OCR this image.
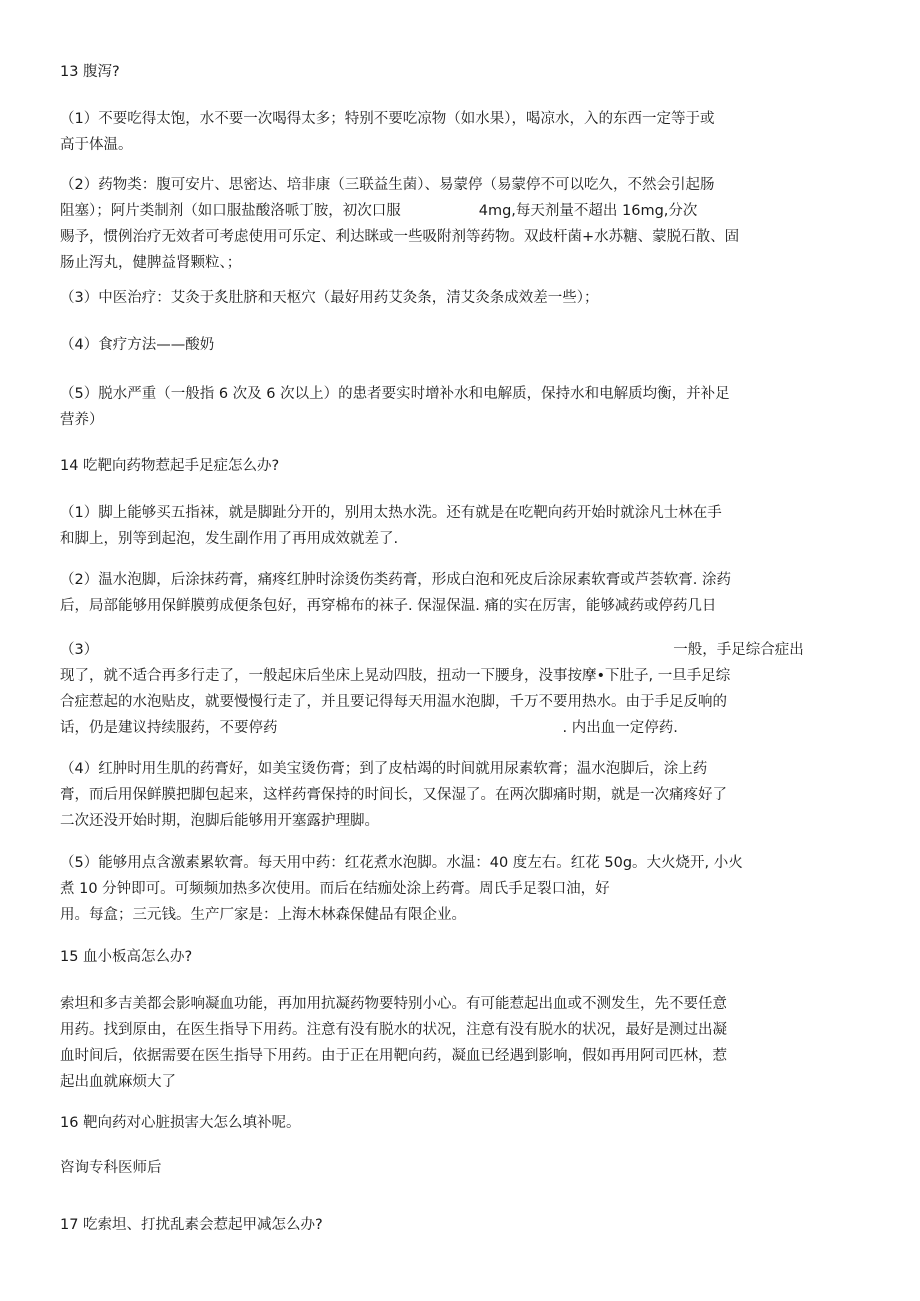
13 腹泻?
（1）不要吃得太饱，水不要一次喝得太多；特别不要吃凉物（如水果），喝凉水，入的东西一定等于或
高于体温。
（2）药物类：腹可安片、思密达、培非康（三联益生菌）、易蒙停（易蒙停不可以吃久，不然会引起肠
阻塞）；阿片类制剂（如口服盐酸洛哌丁胺，初次口服	4mg,每天剂量不超出 16mg,分次
赐予，惯例治疗无效者可考虑使用可乐定、利达眯或一些吸附剂等药物。双歧杆菌+水苏糖、蒙脱石散、固
肠止泻丸，健脾益肾颗粒、；
（3）中医治疗：艾灸于炙肚脐和天枢穴（最好用药艾灸条，清艾灸条成效差一些）；
（4）食疗方法——酸奶
（5）脱水严重（一般指 6 次及 6 次以上）的患者要实时增补水和电解质，保持水和电解质均衡，并补足
营养）
14 吃靶向药物惹起手足症怎么办?
（1）脚上能够买五指袜，就是脚趾分开的，别用太热水洗。还有就是在吃靶向药开始时就涂凡士林在手
和脚上，别等到起泡，发生副作用了再用成效就差了.
（2）温水泡脚，后涂抹药膏，痛疼红肿时涂烫伤类药膏，形成白泡和死皮后涂尿素软膏或芦荟软膏. 涂药
后，局部能够用保鲜膜剪成便条包好，再穿棉布的袜子. 保湿保温. 痛的实在厉害，能够减药或停药几日
（3）	一般，手足综合症出
现了，就不适合再多行走了，一般起床后坐床上晃动四肢，扭动一下腰身，没事按摩•下肚子, 一旦手足综
合症惹起的水泡贴皮，就要慢慢行走了，并且要记得每天用温水泡脚，千万不要用热水。由于手足反响的
话，仍是建议持续服药，不要停药	. 内出血一定停药.
（4）红肿时用生肌的药膏好，如美宝烫伤膏；到了皮枯竭的时间就用尿素软膏；温水泡脚后，涂上药
膏，而后用保鲜膜把脚包起来，这样药膏保持的时间长，又保湿了。在两次脚痛时期，就是一次痛疼好了
二次还没开始时期，泡脚后能够用开塞露护理脚。
（5）能够用点含激素累软膏。每天用中药：红花煮水泡脚。水温：40 度左右。红花 50g。大火烧开, 小火
煮 10 分钟即可。可频频加热多次使用。而后在结痂处涂上药膏。周氏手足裂口油，好
用。每盒；三元钱。生产厂家是：上海木林森保健品有限企业。
15 血小板高怎么办?
索坦和多吉美都会影响凝血功能，再加用抗凝药物要特别小心。有可能惹起出血或不测发生，先不要任意
用药。找到原由，在医生指导下用药。注意有没有脱水的状况，注意有没有脱水的状况，最好是测过出凝
血时间后，依据需要在医生指导下用药。由于正在用靶向药，凝血已经遇到影响，假如再用阿司匹林，惹
起出血就麻烦大了
16 靶向药对心脏损害大怎么填补呢。
咨询专科医师后
17 吃索坦、打扰乱素会惹起甲减怎么办?
